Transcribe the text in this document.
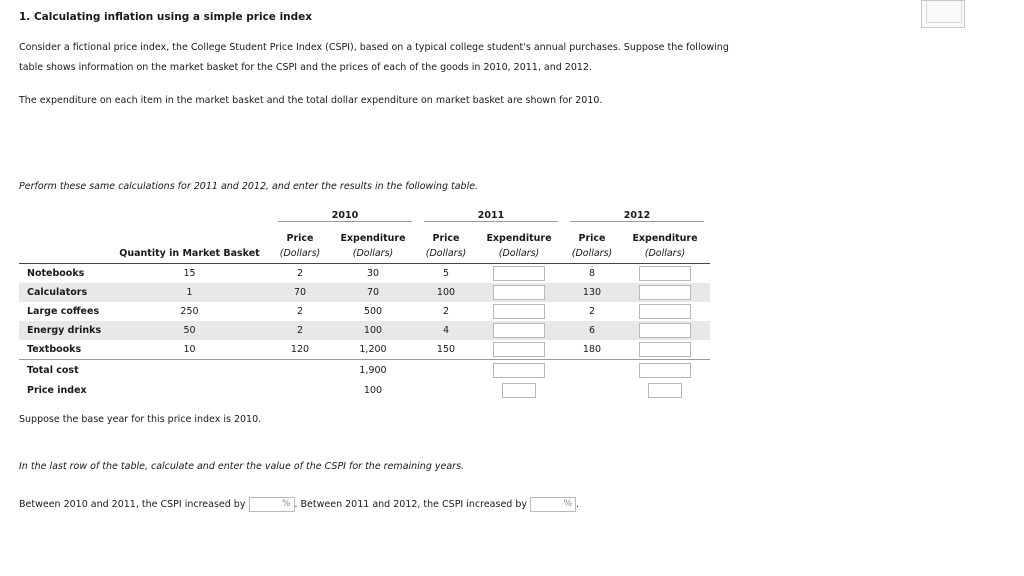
1. Calculating inflation using a simple price index
Consider a fictional price index, the College Student Price Index (CSPI), based on a typical college student's annual purchases. Suppose the following
table shows information on the market basket for the CSPI and the prices of each of the goods in 2010, 2011, and 2012.
The expenditure on each item in the market basket and the total dollar expenditure on market basket are shown for 2010.
Perform these same calculations for 2011 and 2012, and enter the results in the following table.

		2010		2011		2012	

		Price	Expenditure	Price	Expenditure	Price	Expenditure
	Quantity in Market Basket	(Dollars)	(Dollars)	(Dollars)	(Dollars)	(Dollars)	(Dollars)
Notebooks	15	2	30	5		8	
Calculators	1	70	70	100		130	
Large coffees	250	2	500	2		2	
Energy drinks	50	2	100	4		6	
Textbooks	10	120	1,200	150		180	
Total cost			1,900				
Price index			100				
Suppose the base year for this price index is 2010.
In the last row of the table, calculate and enter the value of the CSPI for the remaining years.
Between 2010 and 2011, the CSPI increased by	% . Between 2011 and 2012, the CSPI increased by	% .
